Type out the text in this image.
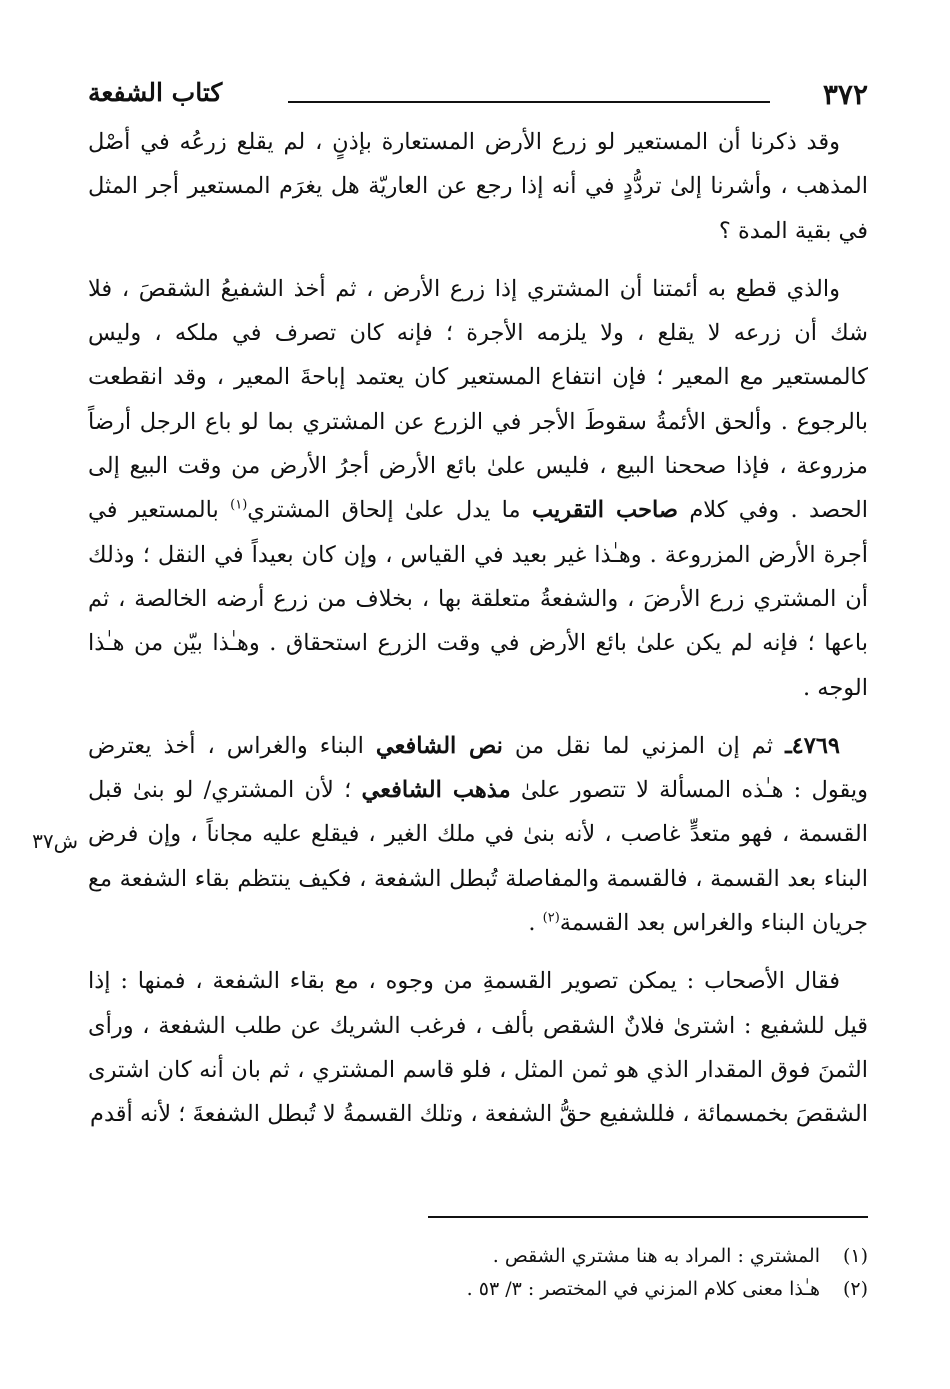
٣٧٢
كتاب الشفعة

وقد ذكرنا أن المستعير لو زرع الأرض المستعارة بإذنٍ ، لم يقلع زرعُه في أصْل المذهب ، وأشرنا إلىٰ تردُّدٍ في أنه إذا رجع عن العاريّة هل يغرَم المستعير أجر المثل في بقية المدة ؟

والذي قطع به أئمتنا أن المشتري إذا زرع الأرض ، ثم أخذ الشفيعُ الشقصَ ، فلا شك أن زرعه لا يقلع ، ولا يلزمه الأجرة ؛ فإنه كان تصرف في ملكه ، وليس كالمستعير مع المعير ؛ فإن انتفاع المستعير كان يعتمد إباحةَ المعير ، وقد انقطعت بالرجوع . وألحق الأئمةُ سقوطَ الأجر في الزرع عن المشتري بما لو باع الرجل أرضاً مزروعة ، فإذا صححنا البيع ، فليس علىٰ بائع الأرض أجرُ الأرض من وقت البيع إلى الحصد . وفي كلام صاحب التقريب ما يدل علىٰ إلحاق المشتري$^{(١)}$ بالمستعير في أجرة الأرض المزروعة . وهـٰذا غير بعيد في القياس ، وإن كان بعيداً في النقل ؛ وذلك أن المشتري زرع الأرضَ ، والشفعةُ متعلقة بها ، بخلاف من زرع أرضه الخالصة ، ثم باعها ؛ فإنه لم يكن علىٰ بائع الأرض في وقت الزرع استحقاق . وهـٰذا بيّن من هـٰذا الوجه .

٤٧٦٩ـ ثم إن المزني لما نقل من نص الشافعي البناء والغراس ، أخذ يعترض ويقول : هـٰذه المسألة لا تتصور علىٰ مذهب الشافعي ؛ لأن المشتري/ لو بنىٰ قبل القسمة ، فهو متعدٍّ غاصب ، لأنه بنىٰ في ملك الغير ، فيقلع عليه مجاناً ، وإن فرض البناء بعد القسمة ، فالقسمة والمفاصلة تُبطل الشفعة ، فكيف ينتظم بقاء الشفعة مع جريان البناء والغراس بعد القسمة$^{(٢)}$ .

فقال الأصحاب : يمكن تصوير القسمةِ من وجوه ، مع بقاء الشفعة ، فمنها : إذا قيل للشفيع : اشترىٰ فلانٌ الشقص بألف ، فرغب الشريك عن طلب الشفعة ، ورأى الثمنَ فوق المقدار الذي هو ثمن المثل ، فلو قاسم المشتري ، ثم بان أنه كان اشترى الشقصَ بخمسمائة ، فللشفيع حقُّ الشفعة ، وتلك القسمةُ لا تُبطل الشفعةَ ؛ لأنه أقدم

ش٣٧
(١)المشتري : المراد به هنا مشتري الشقص .
(٢)هـٰذا معنى كلام المزني في المختصر : ٣/ ٥٣ .
